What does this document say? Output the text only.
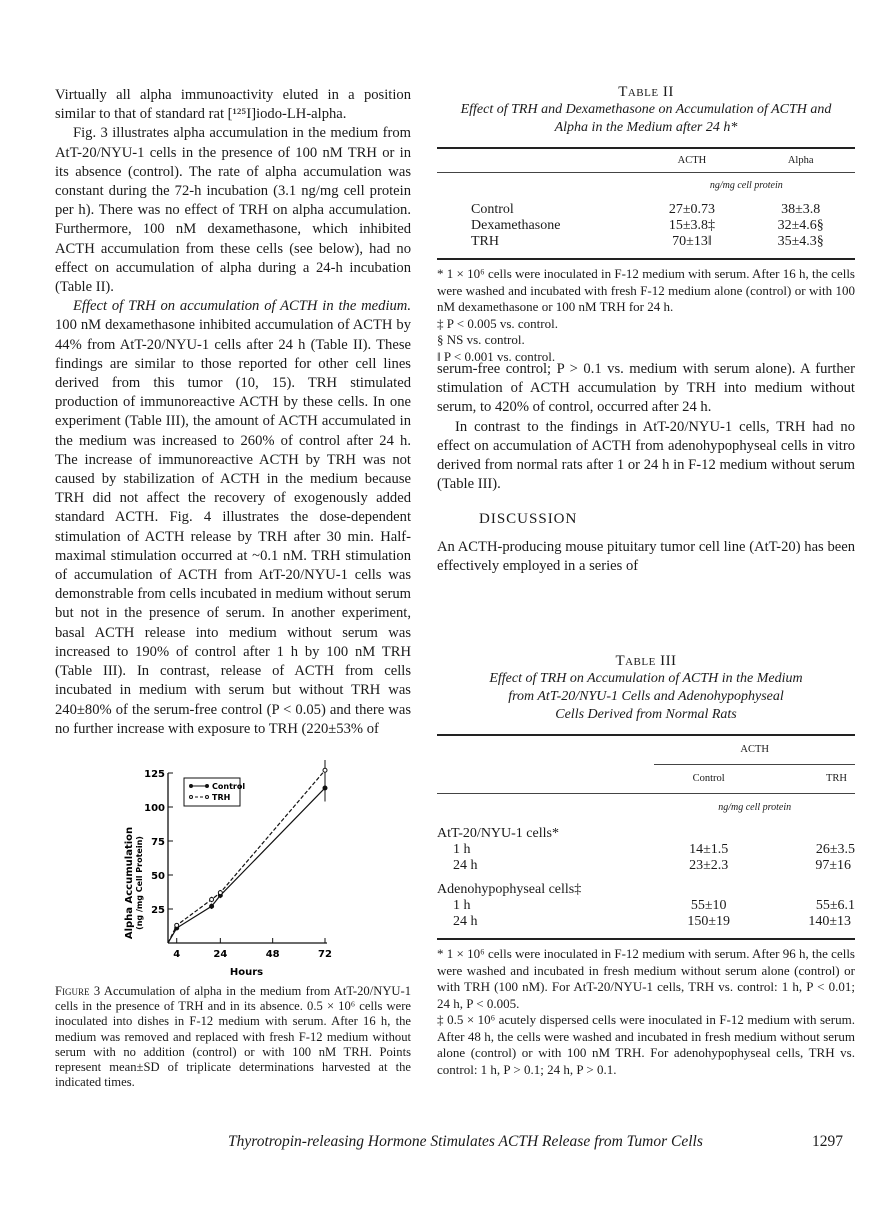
Virtually all alpha immunoactivity eluted in a position similar to that of standard rat [¹²⁵I]iodo-LH-alpha.

Fig. 3 illustrates alpha accumulation in the medium from AtT-20/NYU-1 cells in the presence of 100 nM TRH or in its absence (control). The rate of alpha accumulation was constant during the 72-h incubation (3.1 ng/mg cell protein per h). There was no effect of TRH on alpha accumulation. Furthermore, 100 nM dexamethasone, which inhibited ACTH accumulation from these cells (see below), had no effect on accumulation of alpha during a 24-h incubation (Table II).

Effect of TRH on accumulation of ACTH in the medium. 100 nM dexamethasone inhibited accumulation of ACTH by 44% from AtT-20/NYU-1 cells after 24 h (Table II). These findings are similar to those reported for other cell lines derived from this tumor (10, 15). TRH stimulated production of immunoreactive ACTH by these cells. In one experiment (Table III), the amount of ACTH accumulated in the medium was increased to 260% of control after 24 h. The increase of immunoreactive ACTH by TRH was not caused by stabilization of ACTH in the medium because TRH did not affect the recovery of exogenously added standard ACTH. Fig. 4 illustrates the dose-dependent stimulation of ACTH release by TRH after 30 min. Half-maximal stimulation occurred at ~0.1 nM. TRH stimulation of accumulation of ACTH from AtT-20/NYU-1 cells was demonstrable from cells incubated in medium without serum but not in the presence of serum. In another experiment, basal ACTH release into medium without serum was increased to 190% of control after 1 h by 100 nM TRH (Table III). In contrast, release of ACTH from cells incubated in medium with serum but without TRH was 240±80% of the serum-free control (P < 0.05) and there was no further increase with exposure to TRH (220±53% of

25
50
75
100
125
4	24	48	72
Hours
Alpha Accumulation (ng /mg Cell Protein)
Control
TRH
Figure 3 Accumulation of alpha in the medium from AtT-20/NYU-1 cells in the presence of TRH and in its absence. 0.5 × 10⁶ cells were inoculated into dishes in F-12 medium with serum. After 16 h, the medium was removed and replaced with fresh F-12 medium without serum with no addition (control) or with 100 nM TRH. Points represent mean±SD of triplicate determinations harvested at the indicated times.
Table II
Effect of TRH and Dexamethasone on Accumulation of ACTH and Alpha in the Medium after 24 h*
	ACTH	Alpha
	ng/mg cell protein	
Control	27±0.73	38±3.8
Dexamethasone	15±3.8‡	32±4.6§
TRH	70±13‖	35±4.3§
* 1 × 10⁶ cells were inoculated in F-12 medium with serum. After 16 h, the cells were washed and incubated with fresh F-12 medium alone (control) or with 100 nM dexamethasone or 100 nM TRH for 24 h.
‡ P < 0.005 vs. control.
§ NS vs. control.
‖ P < 0.001 vs. control.

serum-free control; P > 0.1 vs. medium with serum alone). A further stimulation of ACTH accumulation by TRH into medium without serum, to 420% of control, occurred after 24 h.

In contrast to the findings in AtT-20/NYU-1 cells, TRH had no effect on accumulation of ACTH from adenohypophyseal cells in vitro derived from normal rats after 1 or 24 h in F-12 medium without serum (Table III).

DISCUSSION

An ACTH-producing mouse pituitary tumor cell line (AtT-20) has been effectively employed in a series of

Table III
Effect of TRH on Accumulation of ACTH in the Medium
from AtT-20/NYU-1 Cells and Adenohypophyseal
Cells Derived from Normal Rats
	ACTH	
	Control	TRH
	ng/mg cell protein	
AtT-20/NYU-1 cells*		
1 h	14±1.5	26±3.5
24 h	23±2.3	97±16
Adenohypophyseal cells‡		
1 h	55±10	55±6.1
24 h	150±19	140±13
* 1 × 10⁶ cells were inoculated in F-12 medium with serum. After 96 h, the cells were washed and incubated in fresh medium without serum alone (control) or with TRH (100 nM). For AtT-20/NYU-1 cells, TRH vs. control: 1 h, P < 0.01; 24 h, P < 0.005.
‡ 0.5 × 10⁶ acutely dispersed cells were inoculated in F-12 medium with serum. After 48 h, the cells were washed and incubated in fresh medium without serum alone (control) or with 100 nM TRH. For adenohypophyseal cells, TRH vs. control: 1 h, P > 0.1; 24 h, P > 0.1.
Thyrotropin-releasing Hormone Stimulates ACTH Release from Tumor Cells	1297
